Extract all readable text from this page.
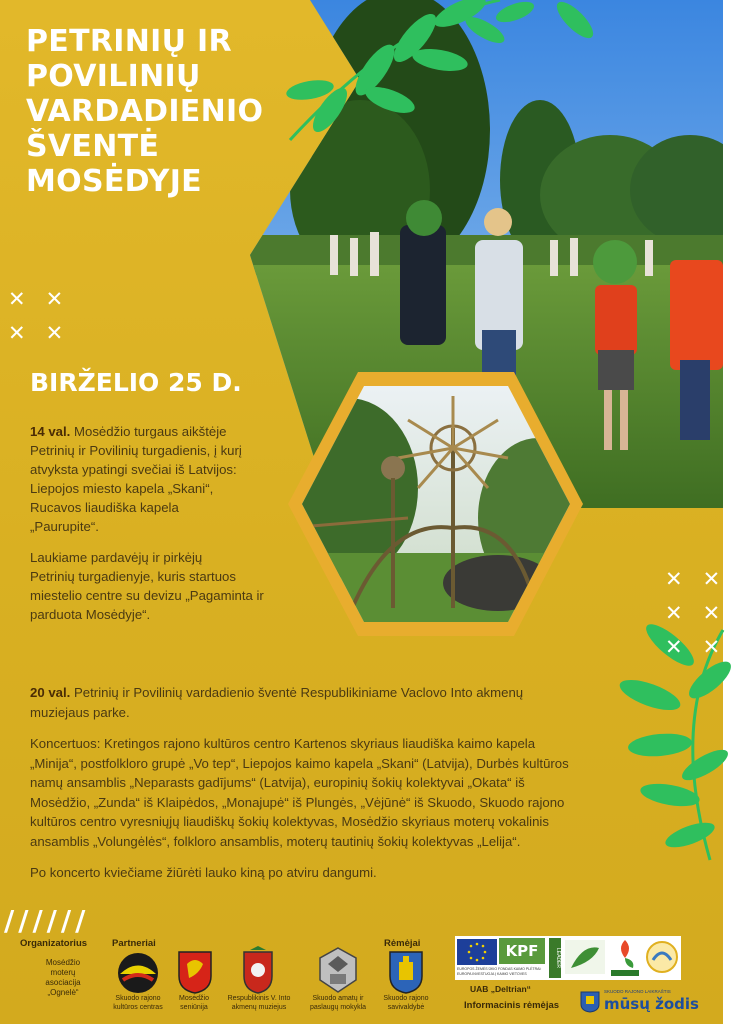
PETRINIŲ IR
POVILINIŲ
VARDADIENIO
ŠVENTĖ
MOSĖDYJE
✕✕
✕✕
✕✕
✕✕
✕✕
BIRŽELIO 25 D.

14 val. Mosėdžio turgaus aikštėje
Petrinių ir Povilinių turgadienis, į kurį
atvyksta ypatingi svečiai iš Latvijos:
Liepojos miesto kapela „Skani“,
Rucavos liaudiška kapela
„Paurupite“.

Laukiame pardavėjų ir pirkėjų
Petrinių turgadienyje, kuris startuos
miestelio centre su devizu „Pagaminta ir
parduota Mosėdyje“.

20 val. Petrinių ir Povilinių vardadienio šventė Respublikiniame Vaclovo Into akmenų
muziejaus parke.

Koncertuos: Kretingos rajono kultūros centro Kartenos skyriaus liaudiška kaimo kapela
„Minija“, postfolkloro grupė „Vo tep“, Liepojos kaimo kapela „Skani“ (Latvija), Durbės kultūros
namų ansamblis „Neparasts gadījums“ (Latvija), europinių šokių kolektyvai „Okata“ iš
Mosėdžio, „Zunda“ iš Klaipėdos, „Monajupė“ iš Plungės, „Vėjūnė“ iš Skuodo, Skuodo rajono
kultūros centro vyresniųjų liaudiškų šokių kolektyvas, Mosėdžio skyriaus moterų vokalinis
ansamblis „Volungėlės“, folkloro ansamblis, moterų tautinių šokių kolektyvas „Lelija“.

Po koncerto kviečiame žiūrėti lauko kiną po atviru dangumi.

//////
Organizatorius
Mosėdžio
moterų
asociacija
„Ognelė“
Partneriai
Skuodo rajono
kultūros centras
Mosėdžio
seniūnija
Respublikinis V. Into
akmenų muziejus
Skuodo amatų ir
paslaugų mokykla
Rėmėjai
Skuodo rajono
savivaldybė
KPF	LEADER
EUROPOS ŽEMĖS ŪKIO FONDAS KAIMO PLĖTRAI:
EUROPA INVESTUOJA Į KAIMO VIETOVES
UAB „Deltrian“
Informacinis rėmėjas
SKUODO RAJONO LAIKRAŠTIS
mūsų žodis
